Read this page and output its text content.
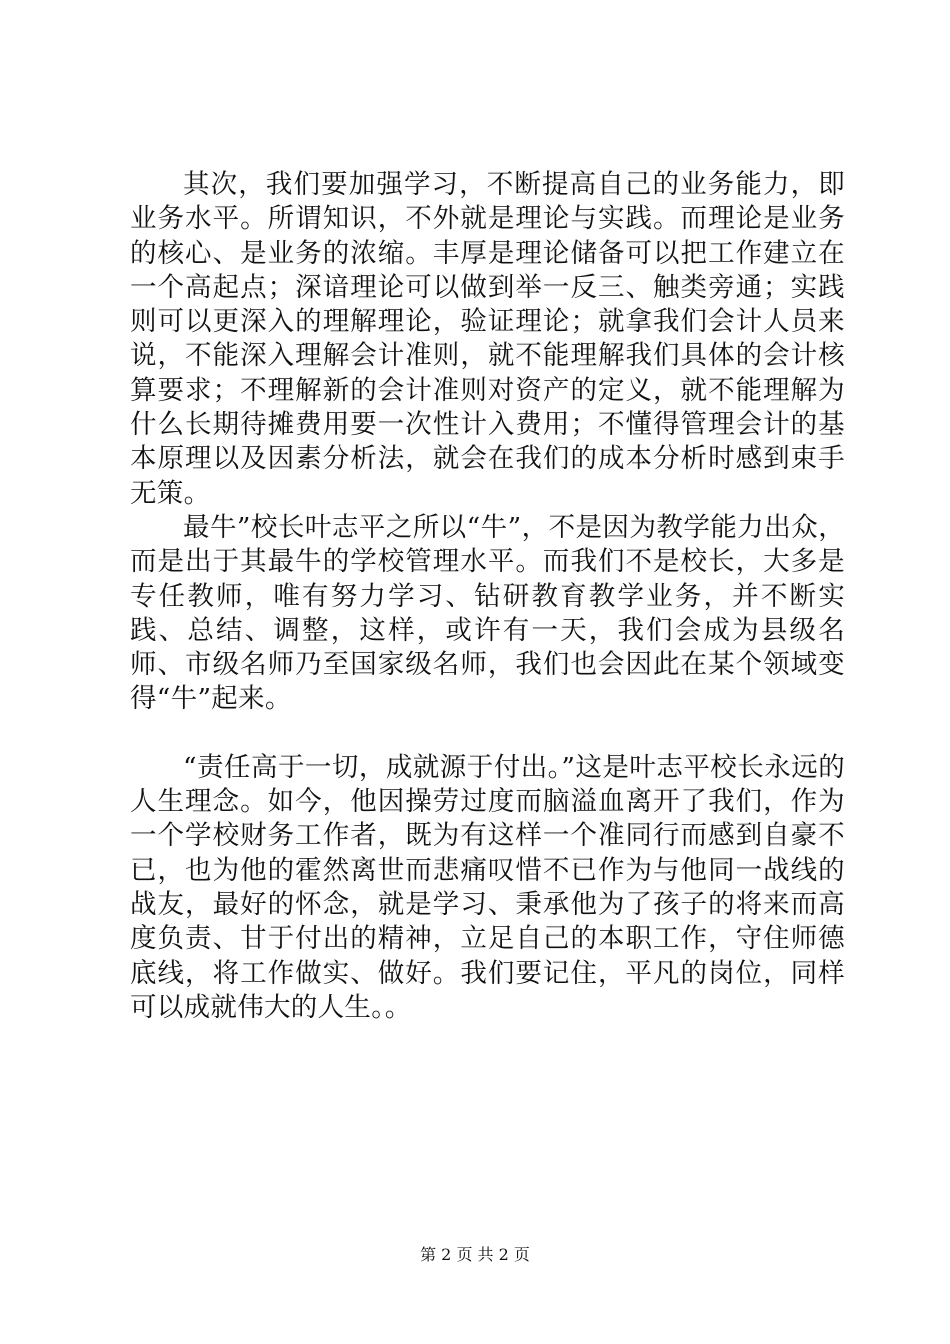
其次，我们要加强学习，不断提高自己的业务能力，即业务水平。所谓知识，不外就是理论与实践。而理论是业务的核心、是业务的浓缩。丰厚是理论储备可以把工作建立在一个高起点；深谙理论可以做到举一反三、触类旁通；实践则可以更深入的理解理论，验证理论；就拿我们会计人员来说，不能深入理解会计准则，就不能理解我们具体的会计核算要求；不理解新的会计准则对资产的定义，就不能理解为什么长期待摊费用要一次性计入费用；不懂得管理会计的基本原理以及因素分析法，就会在我们的成本分析时感到束手无策。

最牛”校长叶志平之所以“牛”，不是因为教学能力出众，而是出于其最牛的学校管理水平。而我们不是校长，大多是专任教师，唯有努力学习、钻研教育教学业务，并不断实践、总结、调整，这样，或许有一天，我们会成为县级名师、市级名师乃至国家级名师，我们也会因此在某个领域变得“牛”起来。

“责任高于一切，成就源于付出。”这是叶志平校长永远的人生理念。如今，他因操劳过度而脑溢血离开了我们，作为一个学校财务工作者，既为有这样一个准同行而感到自豪不已，也为他的霍然离世而悲痛叹惜不已作为与他同一战线的战友，最好的怀念，就是学习、秉承他为了孩子的将来而高度负责、甘于付出的精神，立足自己的本职工作，守住师德底线，将工作做实、做好。我们要记住，平凡的岗位，同样可以成就伟大的人生。。

第 2 页 共 2 页
